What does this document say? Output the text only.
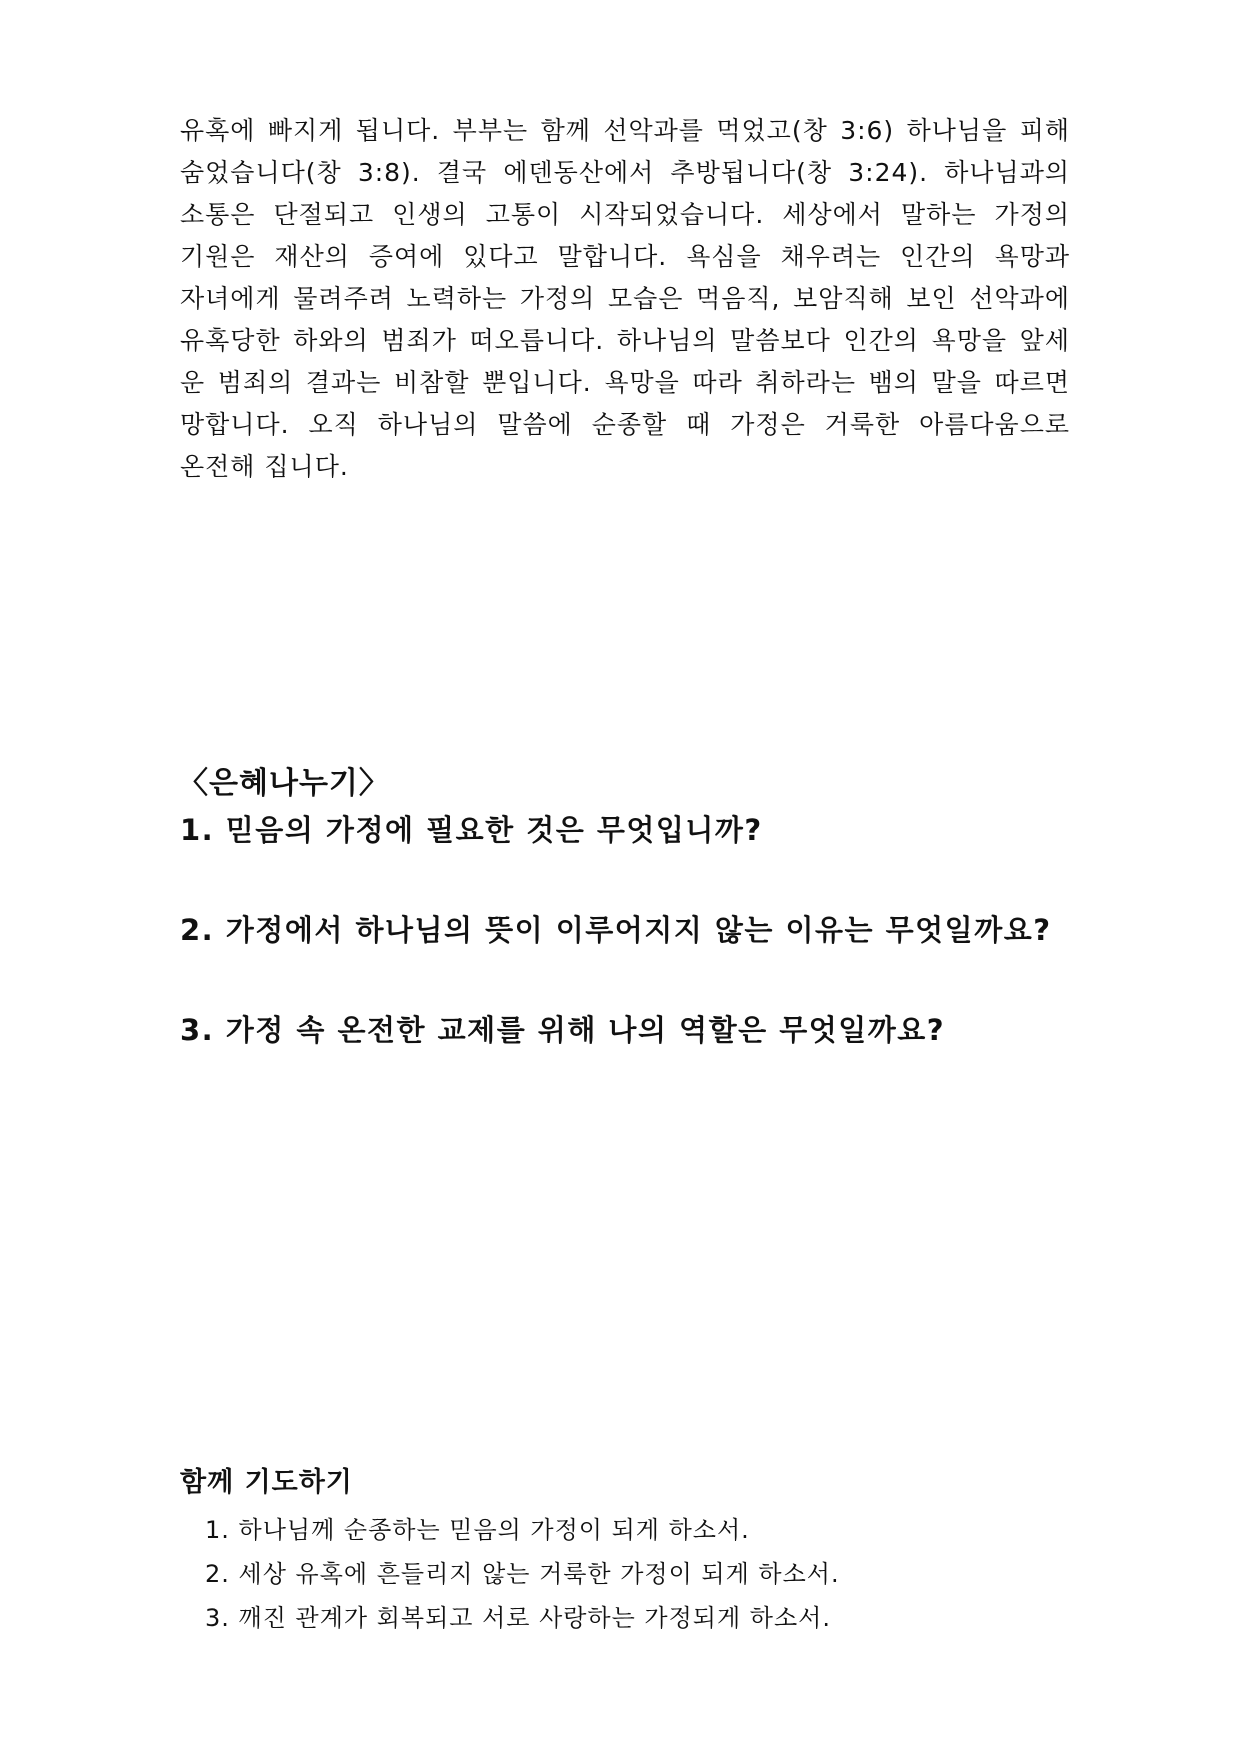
유혹에 빠지게 됩니다. 부부는 함께 선악과를 먹었고(창 3:6) 하나님을 피해
숨었습니다(창 3:8). 결국 에덴동산에서 추방됩니다(창 3:24). 하나님과의
소통은 단절되고 인생의 고통이 시작되었습니다. 세상에서 말하는 가정의
기원은 재산의 증여에 있다고 말합니다. 욕심을 채우려는 인간의 욕망과
자녀에게 물려주려 노력하는 가정의 모습은 먹음직, 보암직해 보인 선악과에
유혹당한 하와의 범죄가 떠오릅니다. 하나님의 말씀보다 인간의 욕망을 앞세
운 범죄의 결과는 비참할 뿐입니다. 욕망을 따라 취하라는 뱀의 말을 따르면
망합니다. 오직 하나님의 말씀에 순종할 때 가정은 거룩한 아름다움으로
온전해 집니다.
〈은혜나누기〉

1. 믿음의 가정에 필요한 것은 무엇입니까?

2. 가정에서 하나님의 뜻이 이루어지지 않는 이유는 무엇일까요?

3. 가정 속 온전한 교제를 위해 나의 역할은 무엇일까요?

함께 기도하기
1. 하나님께 순종하는 믿음의 가정이 되게 하소서.
2. 세상 유혹에 흔들리지 않는 거룩한 가정이 되게 하소서.
3. 깨진 관계가 회복되고 서로 사랑하는 가정되게 하소서.
